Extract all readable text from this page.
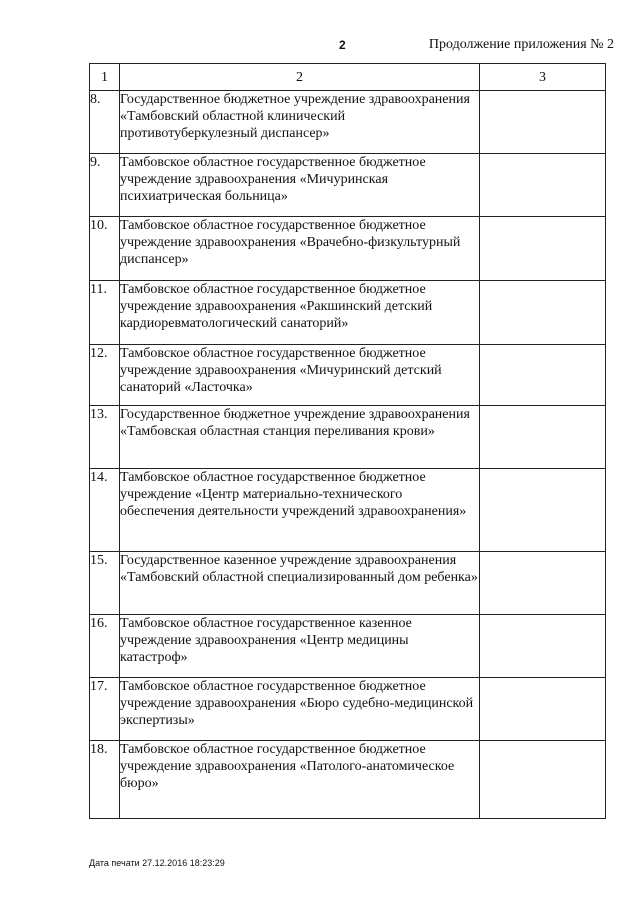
2	Продолжение приложения № 2
1	2	3
8.	Государственное бюджетное учреждение здравоохранения «Тамбовский областной клинический противотуберкулезный диспансер»	
9.	Тамбовское областное государственное бюджетное учреждение здравоохранения «Мичуринская психиатрическая больница»	
10.	Тамбовское областное государственное бюджетное учреждение здравоохранения «Врачебно-физкультурный диспансер»	
11.	Тамбовское областное государственное бюджетное учреждение здравоохранения «Ракшинский детский кардиоревматологический санаторий»	
12.	Тамбовское областное государственное бюджетное учреждение здравоохранения «Мичуринский детский санаторий «Ласточка»	
13.	Государственное бюджетное учреждение здравоохранения «Тамбовская областная станция переливания крови»	
14.	Тамбовское областное государственное бюджетное учреждение «Центр материально-технического обеспечения деятельности учреждений здравоохранения»	
15.	Государственное казенное учреждение здравоохранения «Тамбовский областной специализированный дом ребенка»	
16.	Тамбовское областное государственное казенное учреждение здравоохранения «Центр медицины катастроф»	
17.	Тамбовское областное государственное бюджетное учреждение здравоохранения «Бюро судебно-медицинской экспертизы»	
18.	Тамбовское областное государственное бюджетное учреждение здравоохранения «Патолого-анатомическое бюро»	
Дата печати 27.12.2016 18:23:29
